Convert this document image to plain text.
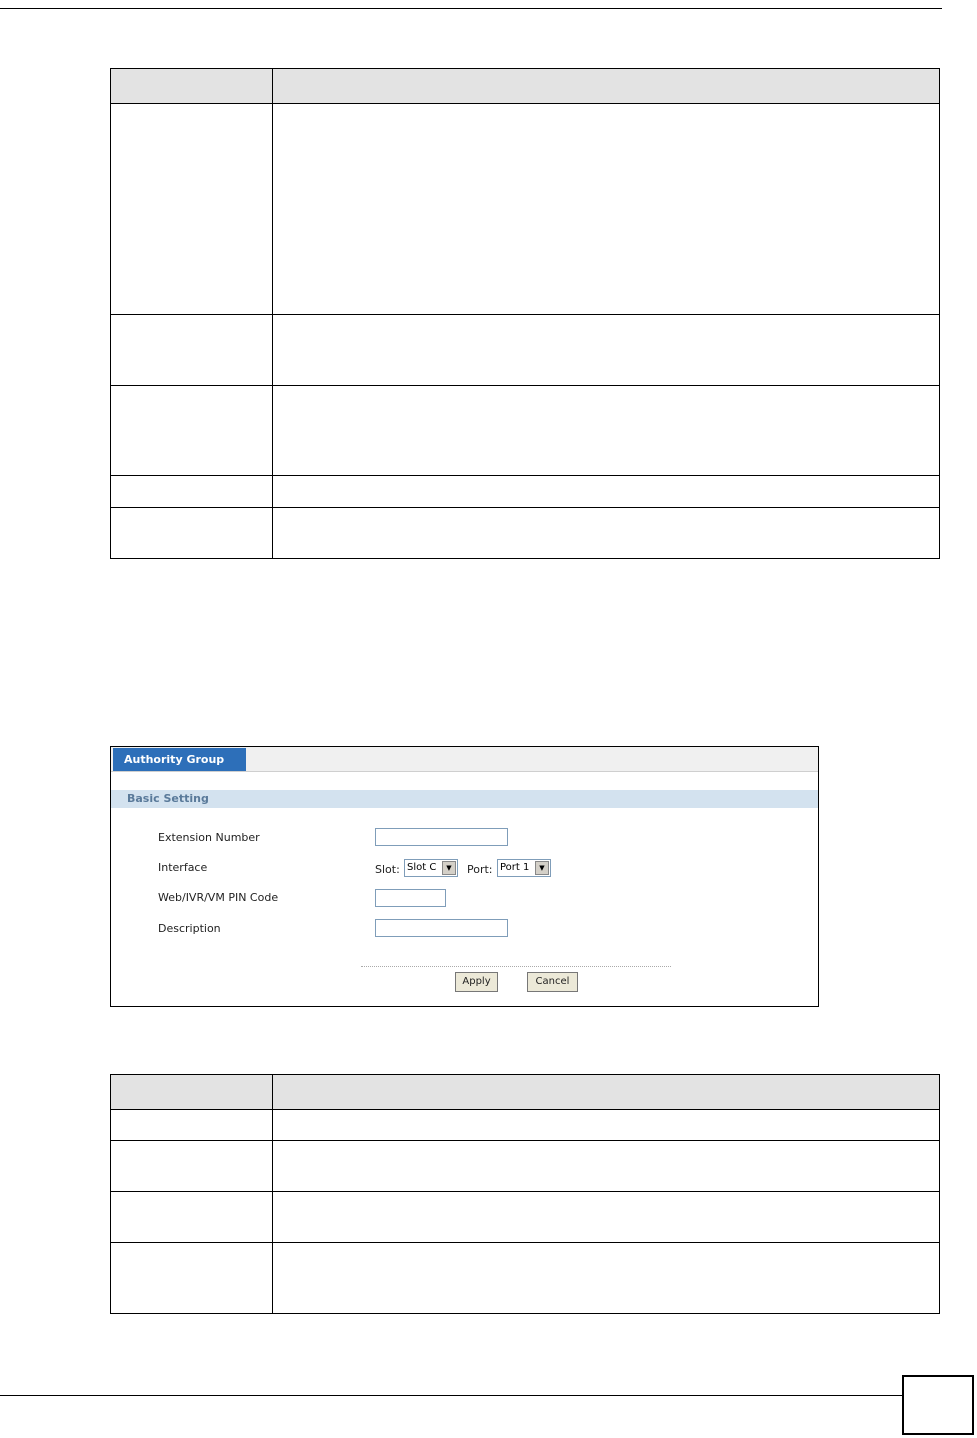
Authority Group
Basic Setting
Extension Number
Interface	Slot: Slot C	▼	Port: Port 1	▼
Web/IVR/VM PIN Code
Description
Apply	Cancel
